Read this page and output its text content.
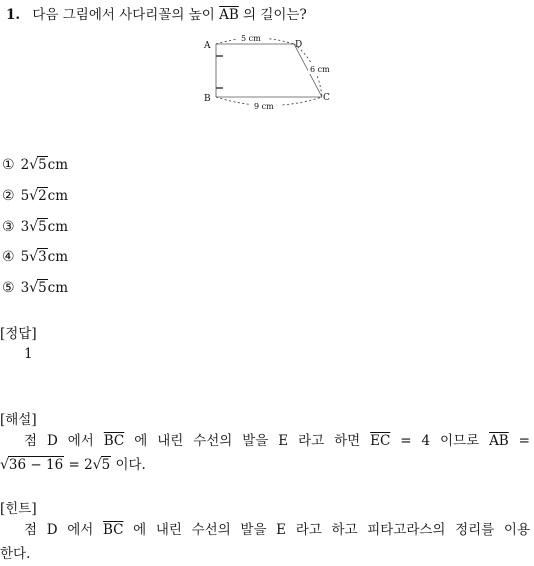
1. 다음 그림에서 사다리꼴의 높이 $\overline{AB}$ 의 길이는?
A	D
B	C
5 cm
6 cm
9 cm
① 2√5cm
② 5√2cm
③ 3√5cm
④ 5√3cm
⑤ 3√5cm
[정답]
1
[해설]
점 D 에서 $\overline{BC}$ 에 내린 수선의 발을 E 라고 하면 $\overline{EC} = 4$ 이므로 $\overline{AB}$ =
√36 − 16 = 2√5 이다.
[힌트]
점 D 에서 $\overline{BC}$ 에 내린 수선의 발을 E 라고 하고 피타고라스의 정리를 이용
한다.
